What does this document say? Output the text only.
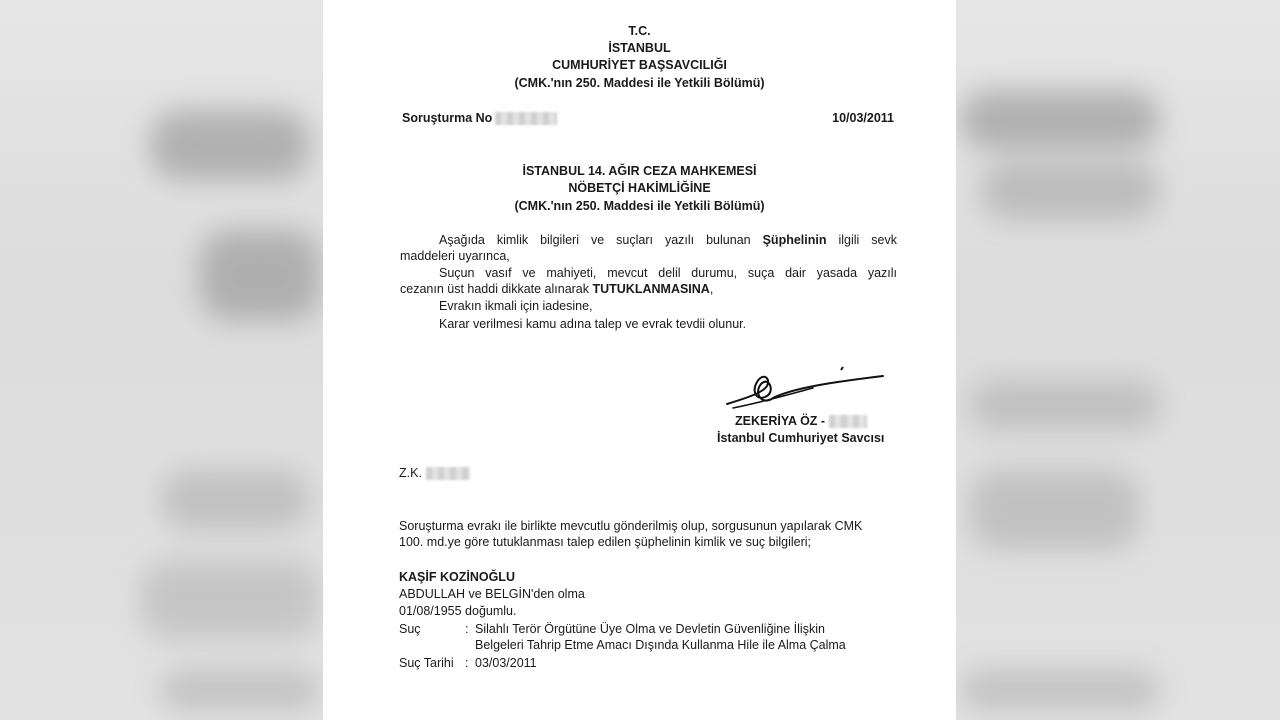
T.C.
İSTANBUL
CUMHURİYET BAŞSAVCILIĞI
(CMK.'nın 250. Maddesi ile Yetkili Bölümü)
Soruşturma No	10/03/2011
İSTANBUL 14. AĞIR CEZA MAHKEMESİ
NÖBETÇİ HAKİMLİĞİNE
(CMK.'nın 250. Maddesi ile Yetkili Bölümü)
Aşağıda kimlik bilgileri ve suçları yazılı bulunan Şüphelinin ilgili sevk
maddeleri uyarınca,
Suçun vasıf ve mahiyeti, mevcut delil durumu, suça dair yasada yazılı
cezanın üst haddi dikkate alınarak TUTUKLANMASINA,
Evrakın ikmali için iadesine,
Karar verilmesi kamu adına talep ve evrak tevdii olunur.
ZEKERİYA ÖZ -
İstanbul Cumhuriyet Savcısı
Z.K.
Soruşturma evrakı ile birlikte mevcutlu gönderilmiş olup, sorgusunun yapılarak CMK
100. md.ye göre tutuklanması talep edilen şüphelinin kimlik ve suç bilgileri;
KAŞİF KOZİNOĞLU
ABDULLAH ve BELGİN'den olma
01/08/1955 doğumlu.
Suç	: Silahlı Terör Örgütüne Üye Olma ve Devletin Güvenliğine İlişkin
Belgeleri Tahrip Etme Amacı Dışında Kullanma Hile ile Alma Çalma
Suç Tarihi : 03/03/2011
